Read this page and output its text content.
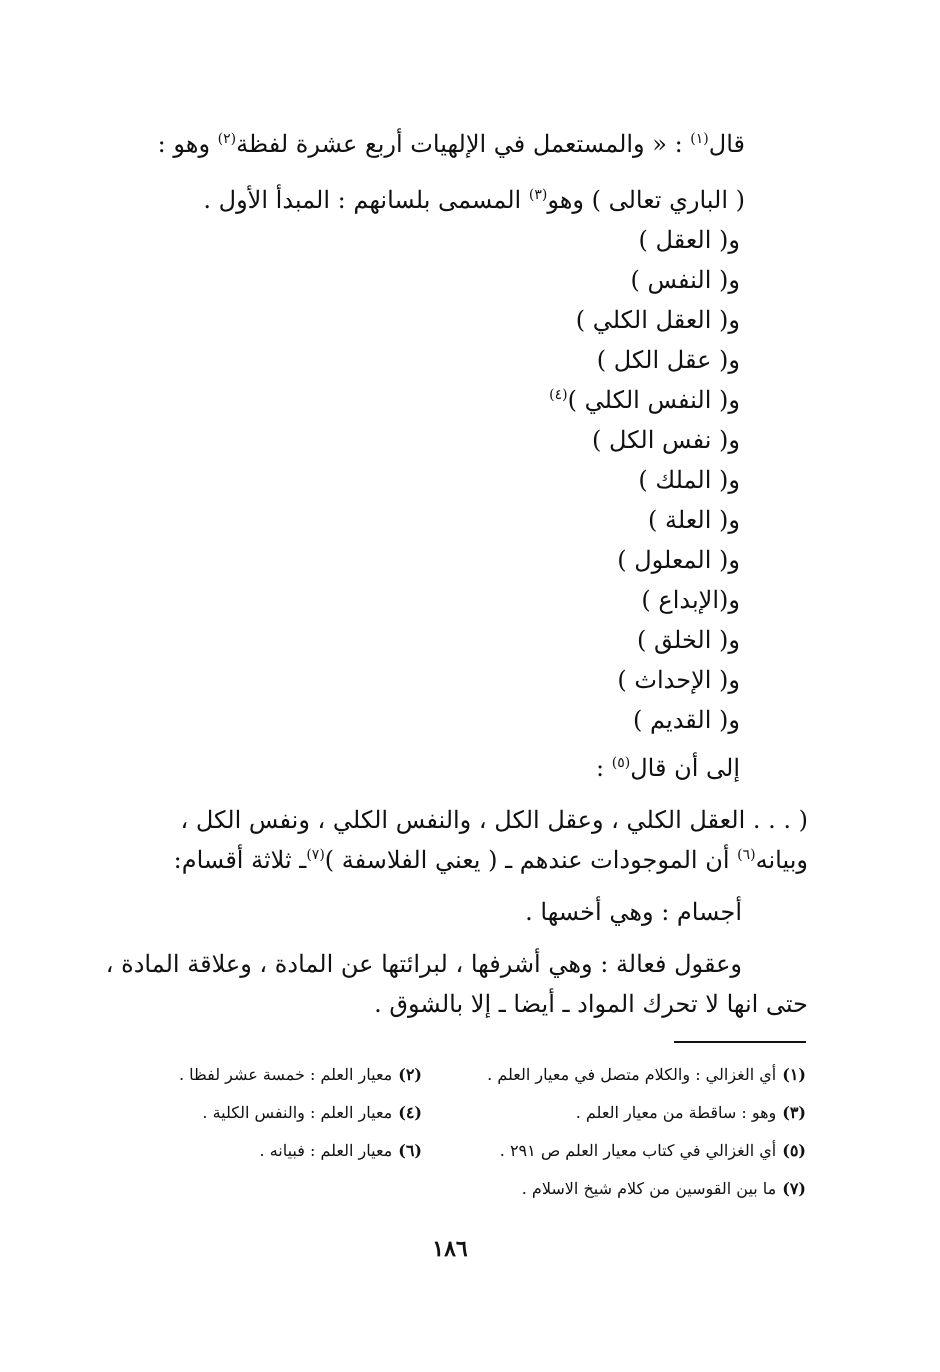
قال$^{(١)}$ : « والمستعمل في الإلهيات أربع عشرة لفظة$^{(٢)}$ وهو :
( الباري تعالى ) وهو$^{(٣)}$ المسمى بلسانهم : المبدأ الأول .
و( العقل )
و( النفس )
و( العقل الكلي )
و( عقل الكل )
و( النفس الكلي )$^{(٤)}$
و( نفس الكل )
و( الملك )
و( العلة )
و( المعلول )
و(الإبداع )
و( الخلق )
و( الإحداث )
و( القديم )
إلى أن قال$^{(٥)}$ :
( . . . العقل الكلي ، وعقل الكل ، والنفس الكلي ، ونفس الكل ،
وبيانه$^{(٦)}$ أن الموجودات عندهم ـ ( يعني الفلاسفة )$^{(٧)}$ـ ثلاثة أقسام:
أجسام : وهي أخسها .
وعقول فعالة : وهي أشرفها ، لبرائتها عن المادة ، وعلاقة المادة ،
حتى انها لا تحرك المواد ـ أيضا ـ إلا بالشوق .
(١)أي الغزالي : والكلام متصل في معيار العلم .
(٢)معيار العلم : خمسة عشر لفظا .
(٣)وهو : ساقطة من معيار العلم .
(٤)معيار العلم : والنفس الكلية .
(٥)أي الغزالي في كتاب معيار العلم ص ٢٩١ .
(٦)معيار العلم : فبيانه .
(٧)ما بين القوسين من كلام شيخ الاسلام .
١٨٦
